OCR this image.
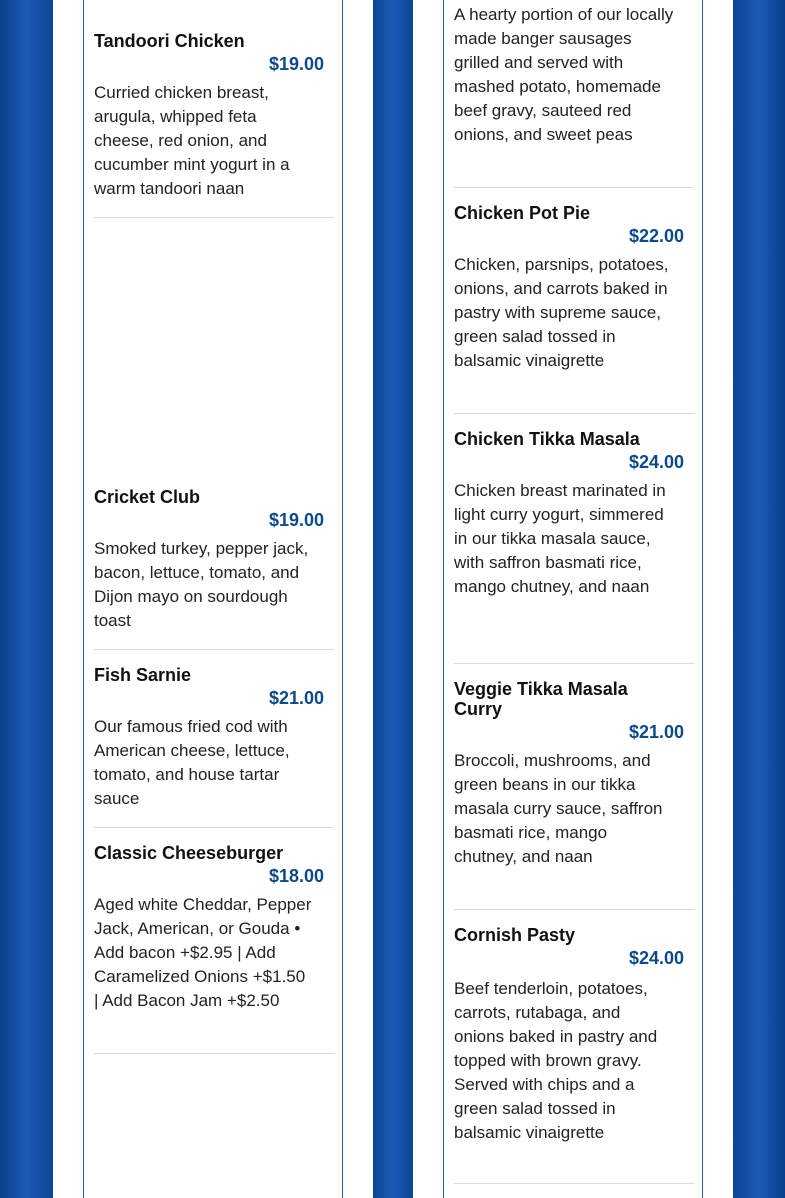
Tandoori Chicken
$19.00
Curried chicken breast, arugula, whipped feta cheese, red onion, and cucumber mint yogurt in a warm tandoori naan
Cricket Club
$19.00
Smoked turkey, pepper jack, bacon, lettuce, tomato, and Dijon mayo on sourdough toast
Fish Sarnie
$21.00
Our famous fried cod with American cheese, lettuce, tomato, and house tartar sauce
Classic Cheeseburger
$18.00
Aged white Cheddar, Pepper Jack, American, or Gouda • Add bacon +$2.95 | Add Caramelized Onions +$1.50 | Add Bacon Jam +$2.50
A hearty portion of our locally made banger sausages grilled and served with mashed potato, homemade beef gravy, sauteed red onions, and sweet peas
Chicken Pot Pie
$22.00
Chicken, parsnips, potatoes, onions, and carrots baked in pastry with supreme sauce, green salad tossed in balsamic vinaigrette
Chicken Tikka Masala
$24.00
Chicken breast marinated in light curry yogurt, simmered in our tikka masala sauce, with saffron basmati rice, mango chutney, and naan
Veggie Tikka Masala Curry
$21.00
Broccoli, mushrooms, and green beans in our tikka masala curry sauce, saffron basmati rice, mango chutney, and naan
Cornish Pasty
$24.00
Beef tenderloin, potatoes, carrots, rutabaga, and onions baked in pastry and topped with brown gravy. Served with chips and a green salad tossed in balsamic vinaigrette
